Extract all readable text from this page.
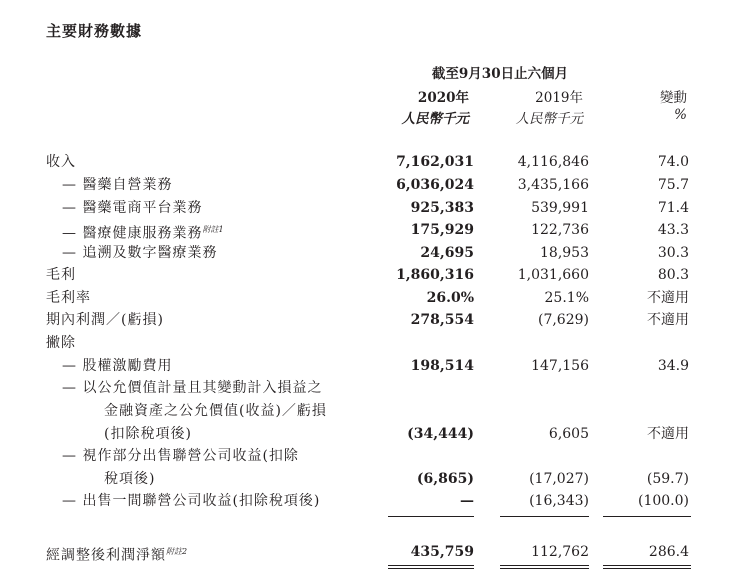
主要財務數據
截至9月30日止六個月
2020年	2019年	變動
人民幣千元	人民幣千元	%
收入	7,162,031	4,116,846	74.0
— 醫藥自營業務	6,036,024	3,435,166	75.7
— 醫藥電商平台業務	925,383	539,991	71.4
— 醫療健康服務業務$^{附註1}$	175,929	122,736	43.3
— 追溯及數字醫療業務	24,695	18,953	30.3
毛利	1,860,316	1,031,660	80.3
毛利率	26.0%	25.1%	不適用
期內利潤／(虧損)	278,554	(7,629)	不適用
撇除
— 股權激勵費用	198,514	147,156	34.9
— 以公允價值計量且其變動計入損益之
金融資產之公允價值(收益)／虧損
(扣除稅項後)	(34,444)	6,605	不適用
— 視作部分出售聯營公司收益(扣除
稅項後)	(6,865)	(17,027)	(59.7)
— 出售一間聯營公司收益(扣除稅項後)	—	(16,343)	(100.0)
經調整後利潤淨額$^{附註2}$	435,759	112,762	286.4
